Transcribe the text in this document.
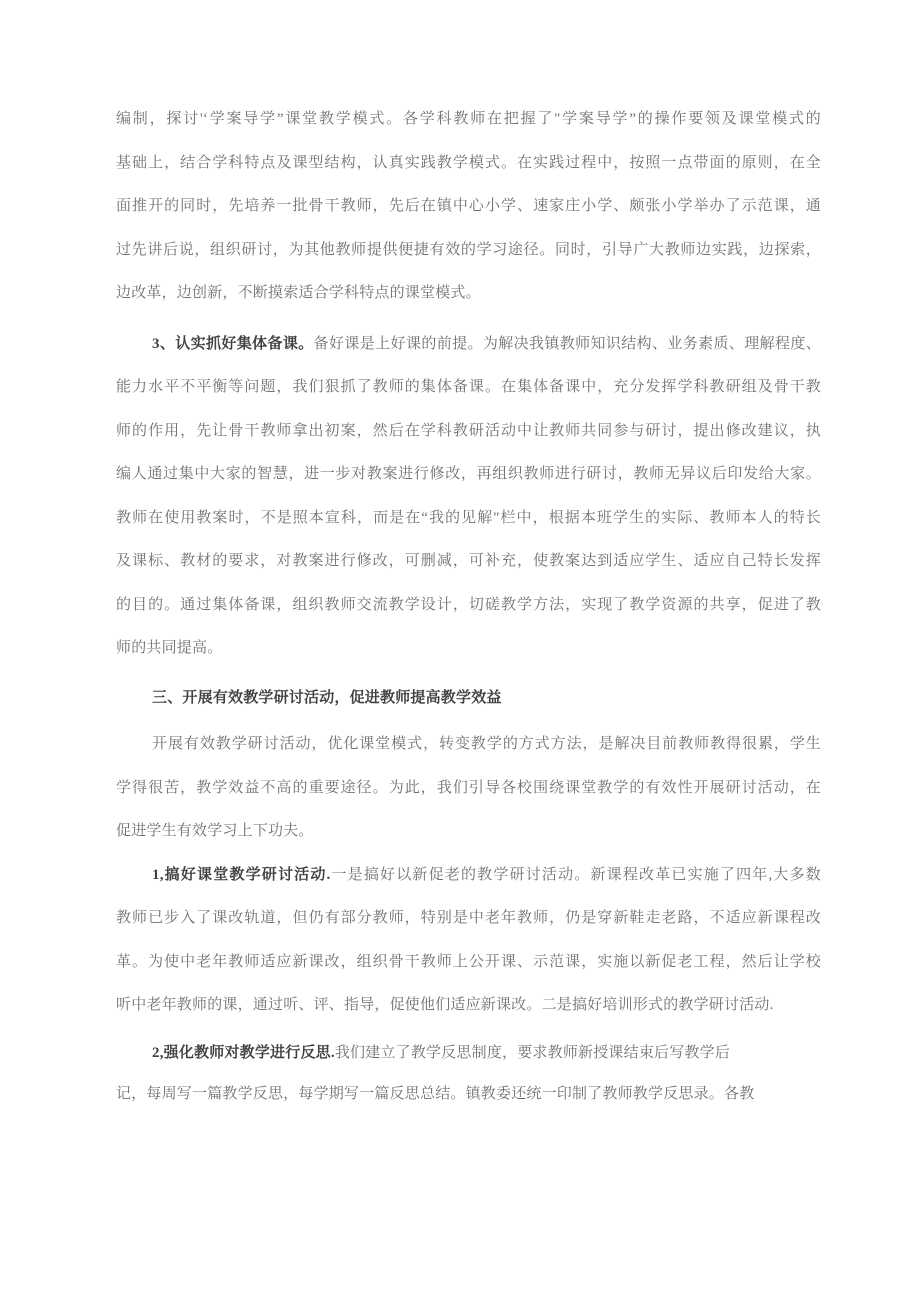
编制，探讨'‘学案导学”课堂教学模式。各学科教师在把握了"学案导学”的操作要领及课堂模式的
基础上，结合学科特点及课型结构，认真实践教学模式。在实践过程中，按照一点带面的原则，在全
面推开的同时，先培养一批骨干教师，先后在镇中心小学、速家庄小学、颇张小学举办了示范课，通
过先讲后说，组织研讨，为其他教师提供便捷有效的学习途径。同时，引导广大教师边实践，边探索，
边改革，边创新，不断摸索适合学科特点的课堂模式。
3、认实抓好集体备课。备好课是上好课的前提。为解决我镇教师知识结构、业务素质、理解程度、
能力水平不平衡等问题，我们狠抓了教师的集体备课。在集体备课中，充分发挥学科教研组及骨干教
师的作用，先让骨干教师拿出初案，然后在学科教研活动中让教师共同参与研讨，提出修改建议，执
编人通过集中大家的智慧，进一步对教案进行修改，再组织教师进行研讨，教师无异议后印发给大家。
教师在使用教案时，不是照本宣科，而是在“我的见解"栏中，根据本班学生的实际、教师本人的特长
及课标、教材的要求，对教案进行修改，可删减，可补充，使教案达到适应学生、适应自己特长发挥
的目的。通过集体备课，组织教师交流教学设计，切磋教学方法，实现了教学资源的共享，促进了教
师的共同提高。
三、开展有效教学研讨活动，促进教师提高教学效益
开展有效教学研讨活动，优化课堂模式，转变教学的方式方法，是解决目前教师教得很累，学生
学得很苦，教学效益不高的重要途径。为此，我们引导各校围绕课堂教学的有效性开展研讨活动，在
促进学生有效学习上下功夫。
1,搞好课堂教学研讨活动.一是搞好以新促老的教学研讨活动。新课程改革已实施了四年,大多数
教师已步入了课改轨道，但仍有部分教师，特别是中老年教师，仍是穿新鞋走老路，不适应新课程改
革。为使中老年教师适应新课改，组织骨干教师上公开课、示范课，实施以新促老工程，然后让学校
听中老年教师的课，通过听、评、指导，促使他们适应新课改。二是搞好培训形式的教学研讨活动.
2,强化教师对教学进行反思.我们建立了教学反思制度，要求教师新授课结束后写教学后
记，每周写一篇教学反思，每学期写一篇反思总结。镇教委还统一印制了教师教学反思录。各教
